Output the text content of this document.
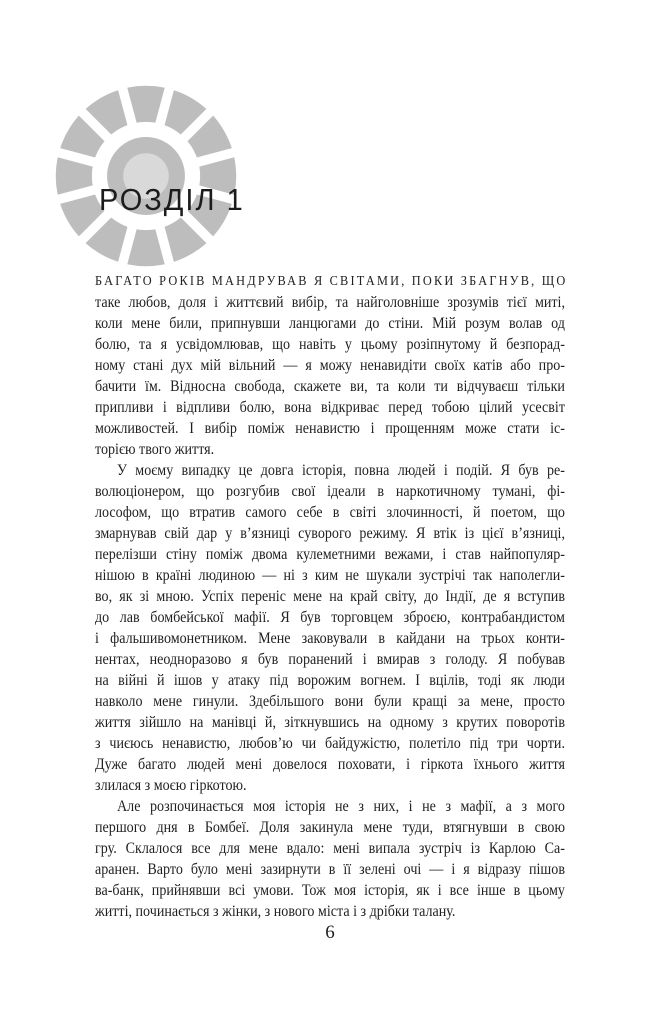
РОЗДІЛ 1
БАГАТО РОКІВ МАНДРУВАВ Я СВІТАМИ, ПОКИ ЗБАГНУВ, ЩО
таке любов, доля і життєвий вибір, та найголовніше зрозумів тієї миті,
коли мене били, припнувши ланцюгами до стіни. Мій розум волав од
болю, та я усвідомлював, що навіть у цьому розіпнутому й безпорад-
ному стані дух мій вільний — я можу ненавидіти своїх катів або про-
бачити їм. Відносна свобода, скажете ви, та коли ти відчуваєш тільки
припливи і відпливи болю, вона відкриває перед тобою цілий усесвіт
можливостей. І вибір поміж ненавистю і прощенням може стати іс-
торією твого життя.
У моєму випадку це довга історія, повна людей і подій. Я був ре-
волюціонером, що розгубив свої ідеали в наркотичному тумані, фі-
лософом, що втратив самого себе в світі злочинності, й поетом, що
змарнував свій дар у в’язниці суворого режиму. Я втік із цієї в’язниці,
перелізши стіну поміж двома кулеметними вежами, і став найпопуляр-
нішою в країні людиною — ні з ким не шукали зустрічі так наполегли-
во, як зі мною. Успіх переніс мене на край світу, до Індії, де я вступив
до лав бомбейської мафії. Я був торговцем зброєю, контрабандистом
і фальшивомонетником. Мене заковували в кайдани на трьох конти-
нентах, неодноразово я був поранений і вмирав з голоду. Я побував
на війні й ішов у атаку під ворожим вогнем. І вцілів, тоді як люди
навколо мене гинули. Здебільшого вони були кращі за мене, просто
життя зійшло на манівці й, зіткнувшись на одному з крутих поворотів
з чиєюсь ненавистю, любов’ю чи байдужістю, полетіло під три чорти.
Дуже багато людей мені довелося поховати, і гіркота їхнього життя
злилася з моєю гіркотою.
Але розпочинається моя історія не з них, і не з мафії, а з мого
першого дня в Бомбеї. Доля закинула мене туди, втягнувши в свою
гру. Склалося все для мене вдало: мені випала зустріч із Карлою Са-
аранен. Варто було мені зазирнути в її зелені очі — і я відразу пішов
ва-банк, прийнявши всі умови. Тож моя історія, як і все інше в цьому
житті, починається з жінки, з нового міста і з дрібки талану.
6
